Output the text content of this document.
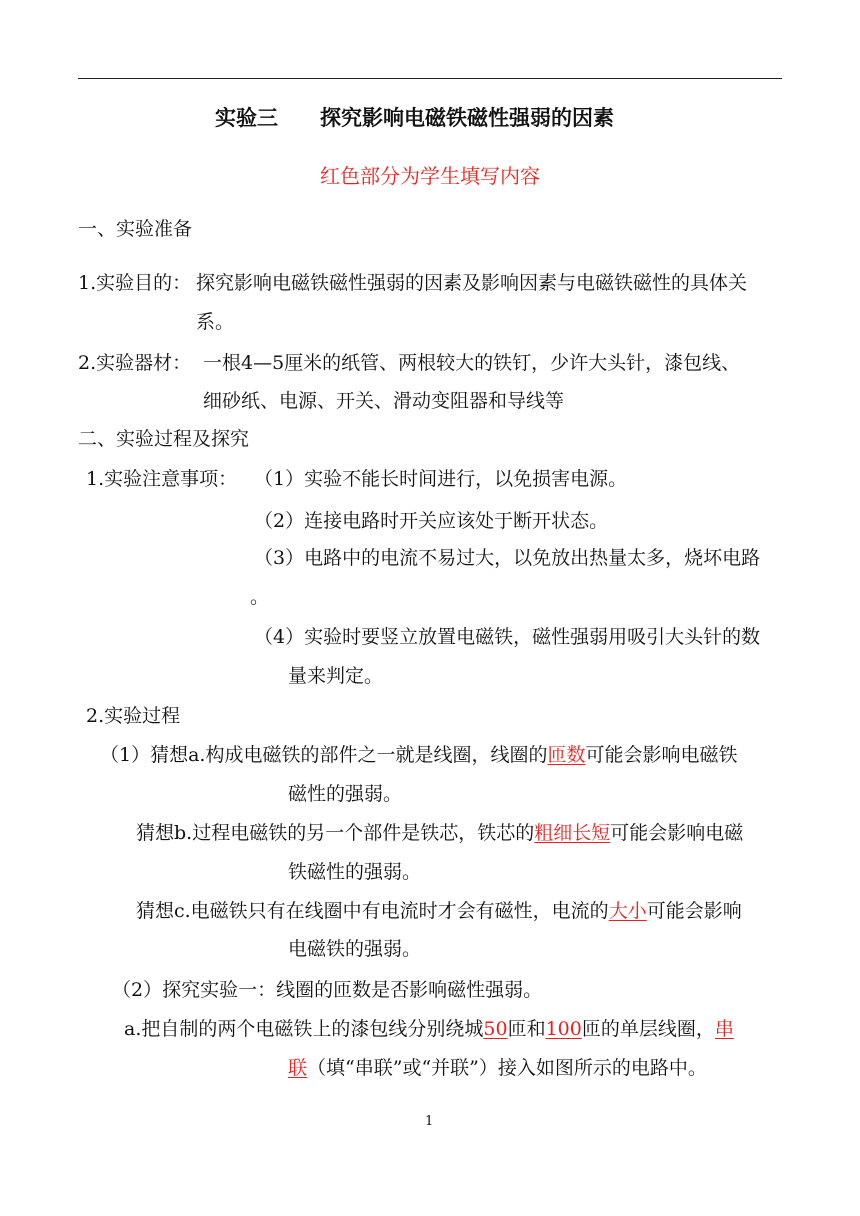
实验三 探究影响电磁铁磁性强弱的因素
红色部分为学生填写内容
一、实验准备
1.实验目的： 探究影响电磁铁磁性强弱的因素及影响因素与电磁铁磁性的具体关
系。
2.实验器材： 一根4—5厘米的纸管、两根较大的铁钉，少许大头针，漆包线、
细砂纸、电源、开关、滑动变阻器和导线等
二、实验过程及探究
1.实验注意事项： （1）实验不能长时间进行，以免损害电源。
（2）连接电路时开关应该处于断开状态。
（3）电路中的电流不易过大，以免放出热量太多，烧坏电路
。
（4）实验时要竖立放置电磁铁，磁性强弱用吸引大头针的数
量来判定。
2.实验过程
（1）猜想a.构成电磁铁的部件之一就是线圈，线圈的匝数可能会影响电磁铁
磁性的强弱。
猜想b.过程电磁铁的另一个部件是铁芯，铁芯的粗细长短可能会影响电磁
铁磁性的强弱。
猜想c.电磁铁只有在线圈中有电流时才会有磁性，电流的大小可能会影响
电磁铁的强弱。
（2）探究实验一：线圈的匝数是否影响磁性强弱。
a.把自制的两个电磁铁上的漆包线分别绕城50匝和100匝的单层线圈，串
联（填“串联”或“并联”）接入如图所示的电路中。
1
